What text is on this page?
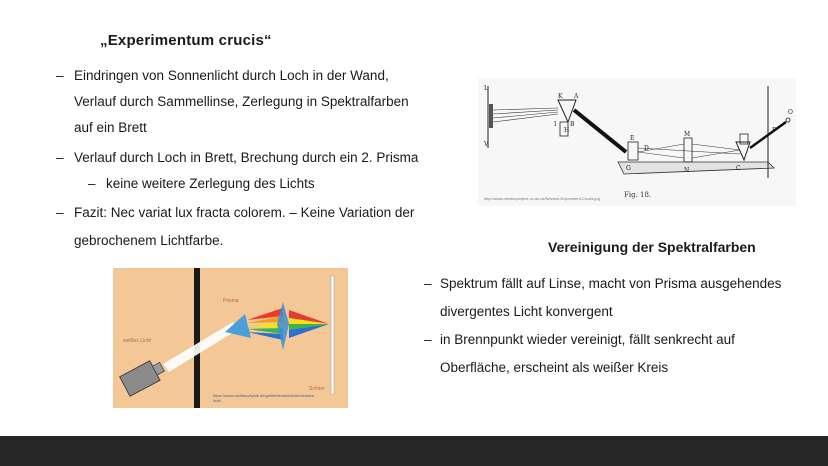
„Experimentum crucis“
– Eindringen von Sonnenlicht durch Loch in der Wand,
Verlauf durch Sammellinse, Zerlegung in Spektralfarben
auf ein Brett
– Verlauf durch Loch in Brett, Brechung durch ein 2. Prisma
– keine weitere Zerlegung des Lichts
– Fazit: Nec variat lux fracta colorem. – Keine Variation der
gebrochenem Lichtfarbe.
L
V
K A
I
H
B
M
N
G	C
F
O
E
D
Fig. 18.
http://www.newtonproject.ox.ac.uk/Newton-Experiment-Crucis.jpg
Vereinigung der Spektralfarben
– Spektrum fällt auf Linse, macht von Prisma ausgehendes
divergentes Licht konvergent
– in Brennpunkt wieder vereinigt, fällt senkrecht auf
Oberfläche, erscheint als weißer Kreis
Prisma
weißes Licht
Schirm
https://www.weltderphysik.de/gebiet/technik/licht/weisses-licht/
